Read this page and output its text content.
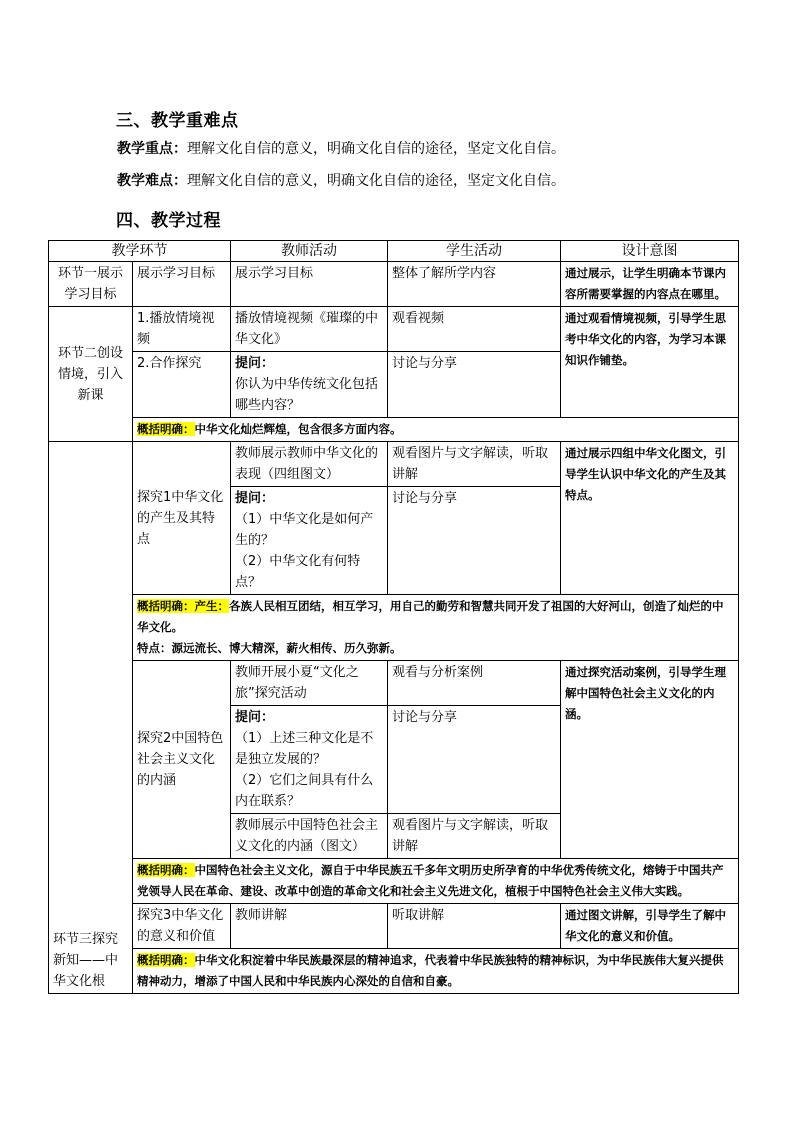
三、教学重难点
教学重点：理解文化自信的意义，明确文化自信的途径，坚定文化自信。
教学难点：理解文化自信的意义，明确文化自信的途径，坚定文化自信。
四、教学过程
教学环节		教师活动	学生活动	设计意图
环节一展示学习目标	展示学习目标	展示学习目标	整体了解所学内容	通过展示，让学生明确本节课内容所需要掌握的内容点在哪里。
环节二创设情境，引入新课	1.播放情境视频	播放情境视频《璀璨的中华文化》	观看视频	通过观看情境视频，引导学生思考中华文化的内容，为学习本课知识作铺垫。
	2.合作探究	提问：
你认为中华传统文化包括哪些内容？	讨论与分享	
	概括明确：中华文化灿烂辉煌，包含很多方面内容。			
环节三探究新知——中华文化根	探究1中华文化的产生及其特点	教师展示教师中华文化的表现（四组图文）	观看图片与文字解读，听取讲解	通过展示四组中华文化图文，引导学生认识中华文化的产生及其特点。

		提问：
（1）中华文化是如何产生的？
（2）中华文化有何特点？	讨论与分享	
	概括明确：产生：各族人民相互团结，相互学习，用自己的勤劳和智慧共同开发了祖国的大好河山，创造了灿烂的中华文化。
特点：源远流长、博大精深，薪火相传、历久弥新。			
	探究2中国特色社会主义文化的内涵	教师开展小夏“文化之旅”探究活动	观看与分析案例	通过探究活动案例，引导学生理解中国特色社会主义文化的内涵。

		提问：
（1）上述三种文化是不是独立发展的？
（2）它们之间具有什么内在联系？	讨论与分享	
		教师展示中国特色社会主义文化的内涵（图文）	观看图片与文字解读，听取讲解	
	概括明确：中国特色社会主义文化，源自于中华民族五千多年文明历史所孕育的中华优秀传统文化，熔铸于中国共产党领导人民在革命、建设、改革中创造的革命文化和社会主义先进文化，植根于中国特色社会主义伟大实践。			
	探究3中华文化的意义和价值	教师讲解	听取讲解	通过图文讲解，引导学生了解中华文化的意义和价值。
	概括明确：中华文化积淀着中华民族最深层的精神追求，代表着中华民族独特的精神标识，为中华民族伟大复兴提供精神动力，增添了中国人民和中华民族内心深处的自信和自豪。			
